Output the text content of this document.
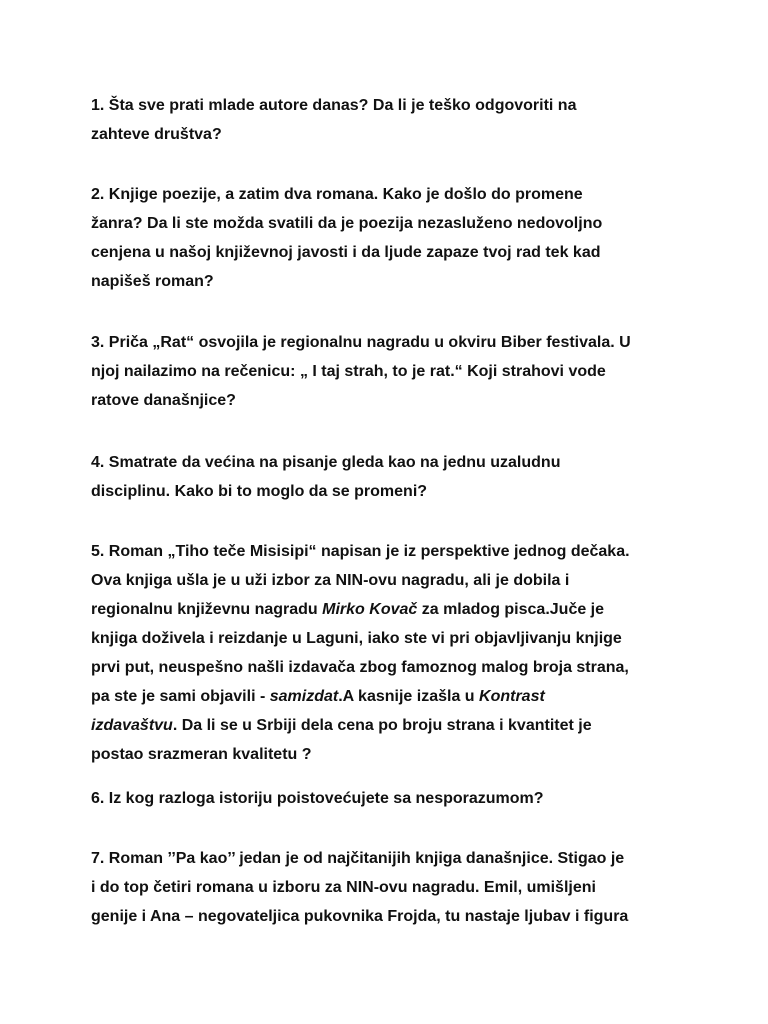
1. Šta sve prati mlade autore danas? Da li je teško odgovoriti na
zahteve društva?

2. Knjige poezije, a zatim dva romana. Kako je došlo do promene
žanra? Da li ste možda svatili da je poezija nezasluženo nedovoljno
cenjena u našoj književnoj javosti i da ljude zapaze tvoj rad tek kad
napišeš roman?

3. Priča „Rat“ osvojila je regionalnu nagradu u okviru Biber festivala. U
njoj nailazimo na rečenicu: „ I taj strah, to je rat.“ Koji strahovi vode
ratove današnjice?

4. Smatrate da većina na pisanje gleda kao na jednu uzaludnu
disciplinu. Kako bi to moglo da se promeni?

5. Roman „Tiho teče Misisipi“ napisan je iz perspektive jednog dečaka.
Ova knjiga ušla je u uži izbor za NIN-ovu nagradu, ali je dobila i
regionalnu književnu nagradu Mirko Kovač za mladog pisca.Juče je
knjiga doživela i reizdanje u Laguni, iako ste vi pri objavljivanju knjige
prvi put, neuspešno našli izdavača zbog famoznog malog broja strana,
pa ste je sami objavili - samizdat.A kasnije izašla u Kontrast
izdavaštvu. Da li se u Srbiji dela cena po broju strana i kvantitet je
postao srazmeran kvalitetu ?

6. Iz kog razloga istoriju poistovećujete sa nesporazumom?

7. Roman ’’Pa kao’’ jedan je od najčitanijih knjiga današnjice. Stigao je
i do top četiri romana u izboru za NIN-ovu nagradu. Emil, umišljeni
genije i Ana – negovateljica pukovnika Frojda, tu nastaje ljubav i figura
